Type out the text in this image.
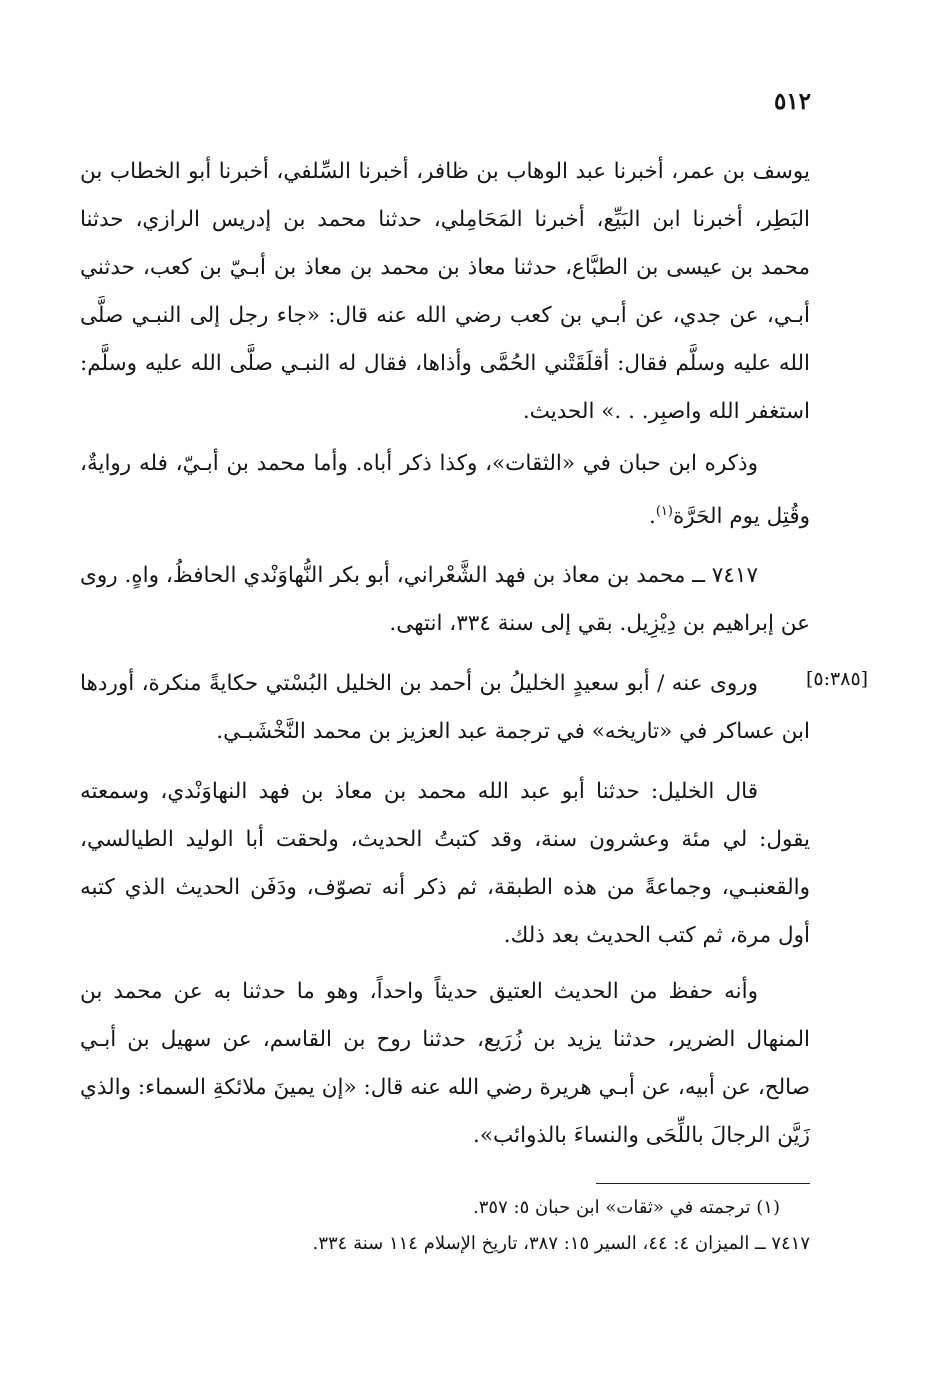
٥١٢

يوسف بن عمر، أخبرنا عبد الوهاب بن ظافر، أخبرنا السِّلفي، أخبرنا أبو الخطاب بن البَطِر، أخبرنا ابن البَيِّع، أخبرنا المَحَامِلي، حدثنا محمد بن إدريس الرازي، حدثنا محمد بن عيسى بن الطبَّاع، حدثنا معاذ بن محمد بن معاذ بن أبـيّ بن كعب، حدثني أبـي، عن جدي، عن أبـي بن كعب رضي الله عنه قال: «جاء رجل إلى النبـي صلَّى الله عليه وسلَّم فقال: أقلَقَتْني الحُمَّى وأذاها، فقال له النبـي صلَّى الله عليه وسلَّم: استغفر الله واصبِر. . .» الحديث.

وذكره ابن حبان في «الثقات»، وكذا ذكر أباه. وأما محمد بن أبـيّ، فله روايةٌ، وقُتِل يوم الحَرَّة$^{(١)}$.

٧٤١٧ ــ محمد بن معاذ بن فهد الشَّعْراني، أبو بكر النُّهاوَنْدي الحافظُ، واهٍ. روى عن إبراهيم بن دِيْزِيل. بقي إلى سنة ٣٣٤، انتهى.

[٥:٣٨٥]

وروى عنه / أبو سعيدٍ الخليلُ بن أحمد بن الخليل البُسْتي حكايةً منكرة، أوردها ابن عساكر في «تاريخه» في ترجمة عبد العزيز بن محمد النَّخْشَبـي.

قال الخليل: حدثنا أبو عبد الله محمد بن معاذ بن فهد النهاوَنْدي، وسمعته يقول: لي مئة وعشرون سنة، وقد كتبتُ الحديث، ولحقت أبا الوليد الطيالسي، والقعنبـي، وجماعةً من هذه الطبقة، ثم ذكر أنه تصوّف، ودَفَن الحديث الذي كتبه أول مرة، ثم كتب الحديث بعد ذلك.

وأنه حفظ من الحديث العتيق حديثاً واحداً، وهو ما حدثنا به عن محمد بن المنهال الضرير، حدثنا يزيد بن زُرَيع، حدثنا روح بن القاسم، عن سهيل بن أبـي صالح، عن أبيه، عن أبـي هريرة رضي الله عنه قال: «إن يمينَ ملائكةِ السماء: والذي زَيَّن الرجالَ باللِّحَى والنساءَ بالذوائب».

(١) ترجمته في «ثقات» ابن حبان ٥: ٣٥٧.

٧٤١٧ ــ الميزان ٤: ٤٤، السير ١٥: ٣٨٧، تاريخ الإسلام ١١٤ سنة ٣٣٤.
